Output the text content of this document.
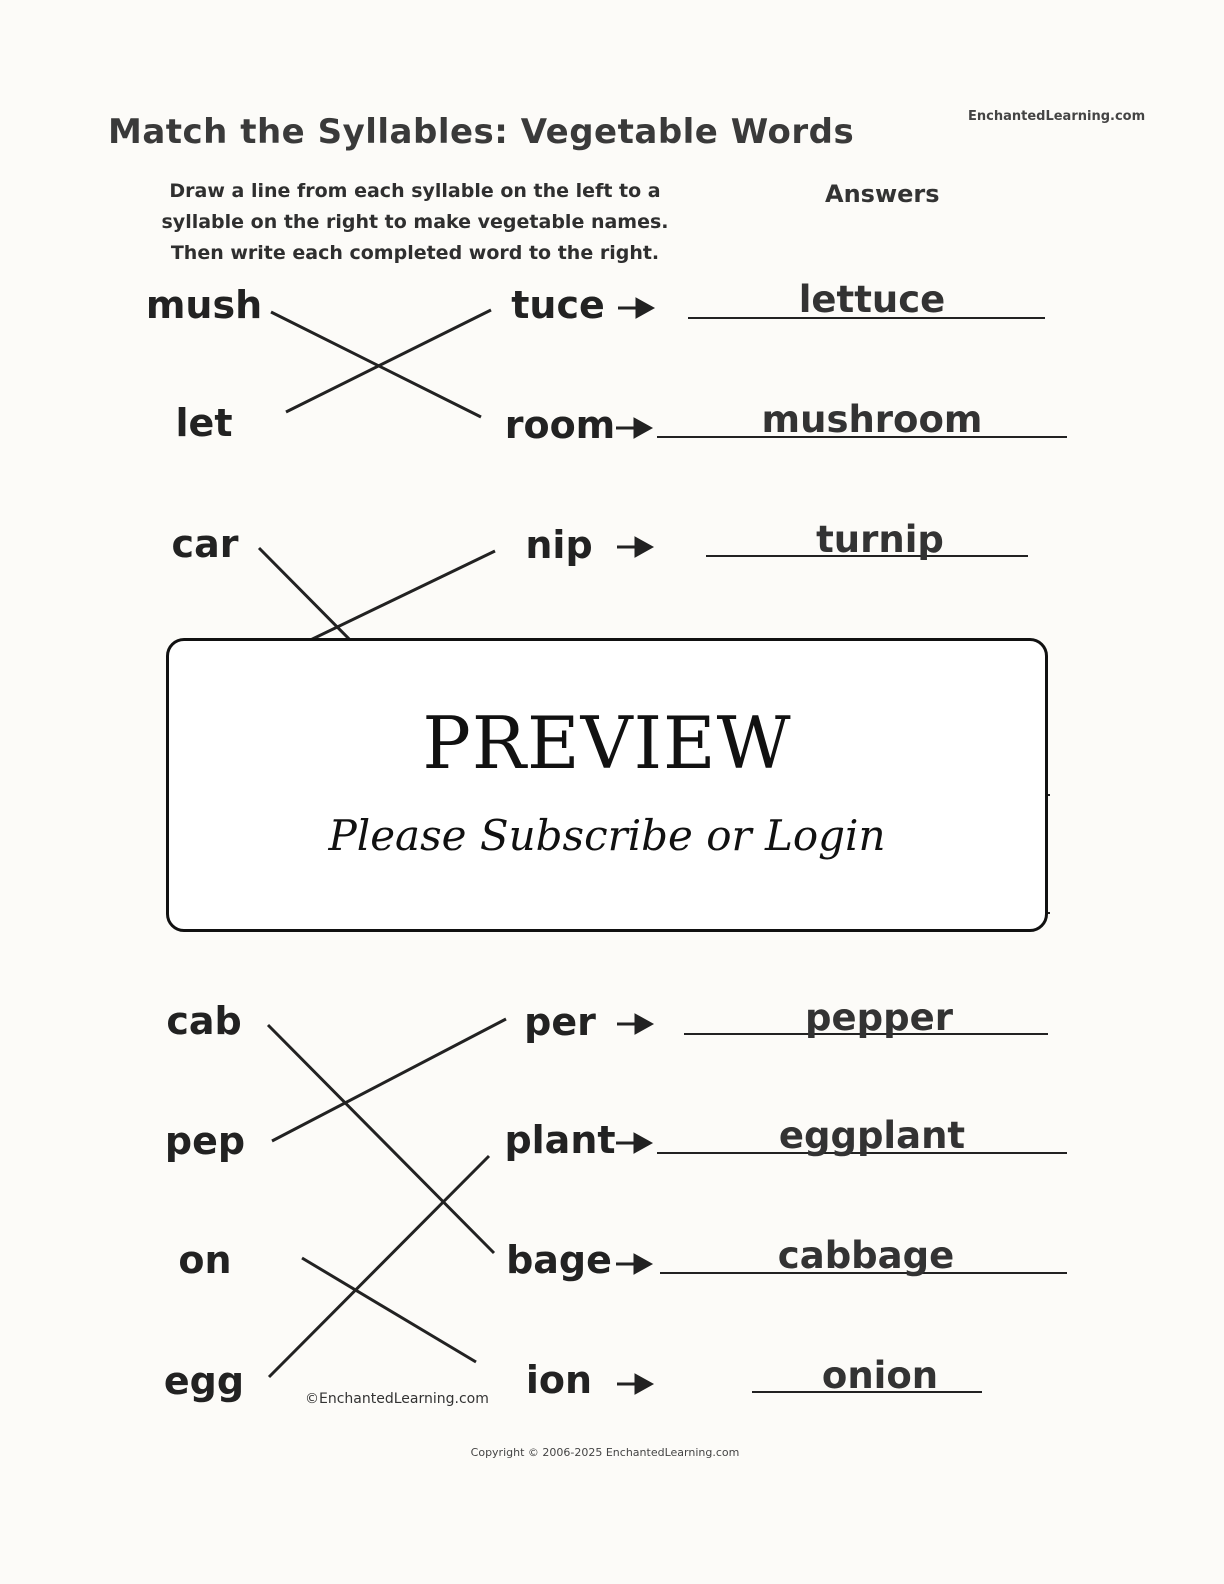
Match the Syllables: Vegetable Words	EnchantedLearning.com
Draw a line from each syllable on the left to a
syllable on the right to make vegetable names.
Then write each completed word to the right.
Answers
mush
let
car
cab
pep
on
egg
tuce
room
nip
per
plant
bage
ion
lettuce
mushroom
turnip
pepper
eggplant
cabbage
onion
PREVIEW
Please Subscribe or Login
©EnchantedLearning.com
Copyright © 2006-2025 EnchantedLearning.com
